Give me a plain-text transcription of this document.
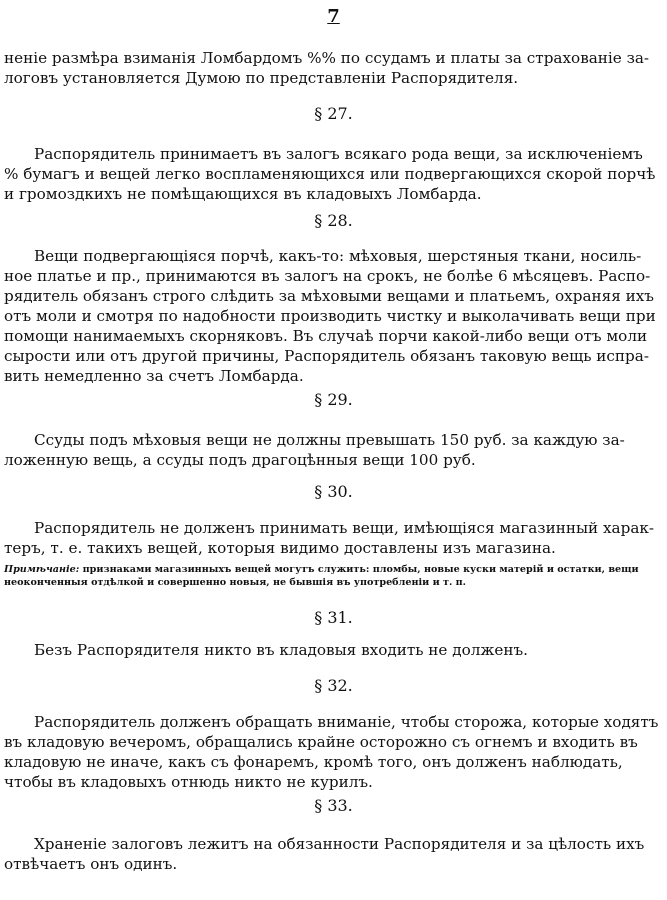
7
ненie размѣра взиманія Ломбардомъ %% по ссудамъ и платы за страхованіе за-
логовъ установляется Думою по представленіи Распорядителя.
§ 27.
Распорядитель принимаетъ въ залогъ всякаго рода вещи, за исключеніемъ
% бумагъ и вещей легко воспламеняющихся или подвергающихся скорой порчѣ
и громоздкихъ не помѣщающихся въ кладовыхъ Ломбарда.
§ 28.
Вещи подвергающіяся порчѣ, какъ-то: мѣховыя, шерстяныя ткани, носиль-
ное платье и пр., принимаются въ залогъ на срокъ, не болѣе 6 мѣсяцевъ. Распо-
рядитель обязанъ строго слѣдить за мѣховыми вещами и платьемъ, охраняя ихъ
отъ моли и смотря по надобности производить чистку и выколачивать вещи при
помощи нанимаемыхъ скорняковъ. Въ случаѣ порчи какой-либо вещи отъ моли
сырости или отъ другой причины, Распорядитель обязанъ таковую вещь испра-
вить немедленно за счетъ Ломбарда.
§ 29.
Ссуды подъ мѣховыя вещи не должны превышать 150 руб. за каждую за-
ложенную вещь, а ссуды подъ драгоцѣнныя вещи 100 руб.
§ 30.
Распорядитель не долженъ принимать вещи, имѣющіяся магазинный харак-
теръ, т. е. такихъ вещей, которыя видимо доставлены изъ магазина.
Примѣчаніе: признаками магазинныхъ вещей могутъ служить: пломбы, новые куски матерій и остатки, вещи
неоконченныя отдѣлкой и совершенно новыя, не бывшія въ употребленіи и т. п.
§ 31.
Безъ Распорядителя никто въ кладовыя входить не долженъ.
§ 32.
Распорядитель долженъ обращать вниманіе, чтобы сторожа, которые ходятъ
въ кладовую вечеромъ, обращались крайне осторожно съ огнемъ и входить въ
кладовую не иначе, какъ съ фонаремъ, кромѣ того, онъ долженъ наблюдать,
чтобы въ кладовыхъ отнюдь никто не курилъ.
§ 33.
Храненіе залоговъ лежитъ на обязанности Распорядителя и за цѣлость ихъ
отвѣчаетъ онъ одинъ.
